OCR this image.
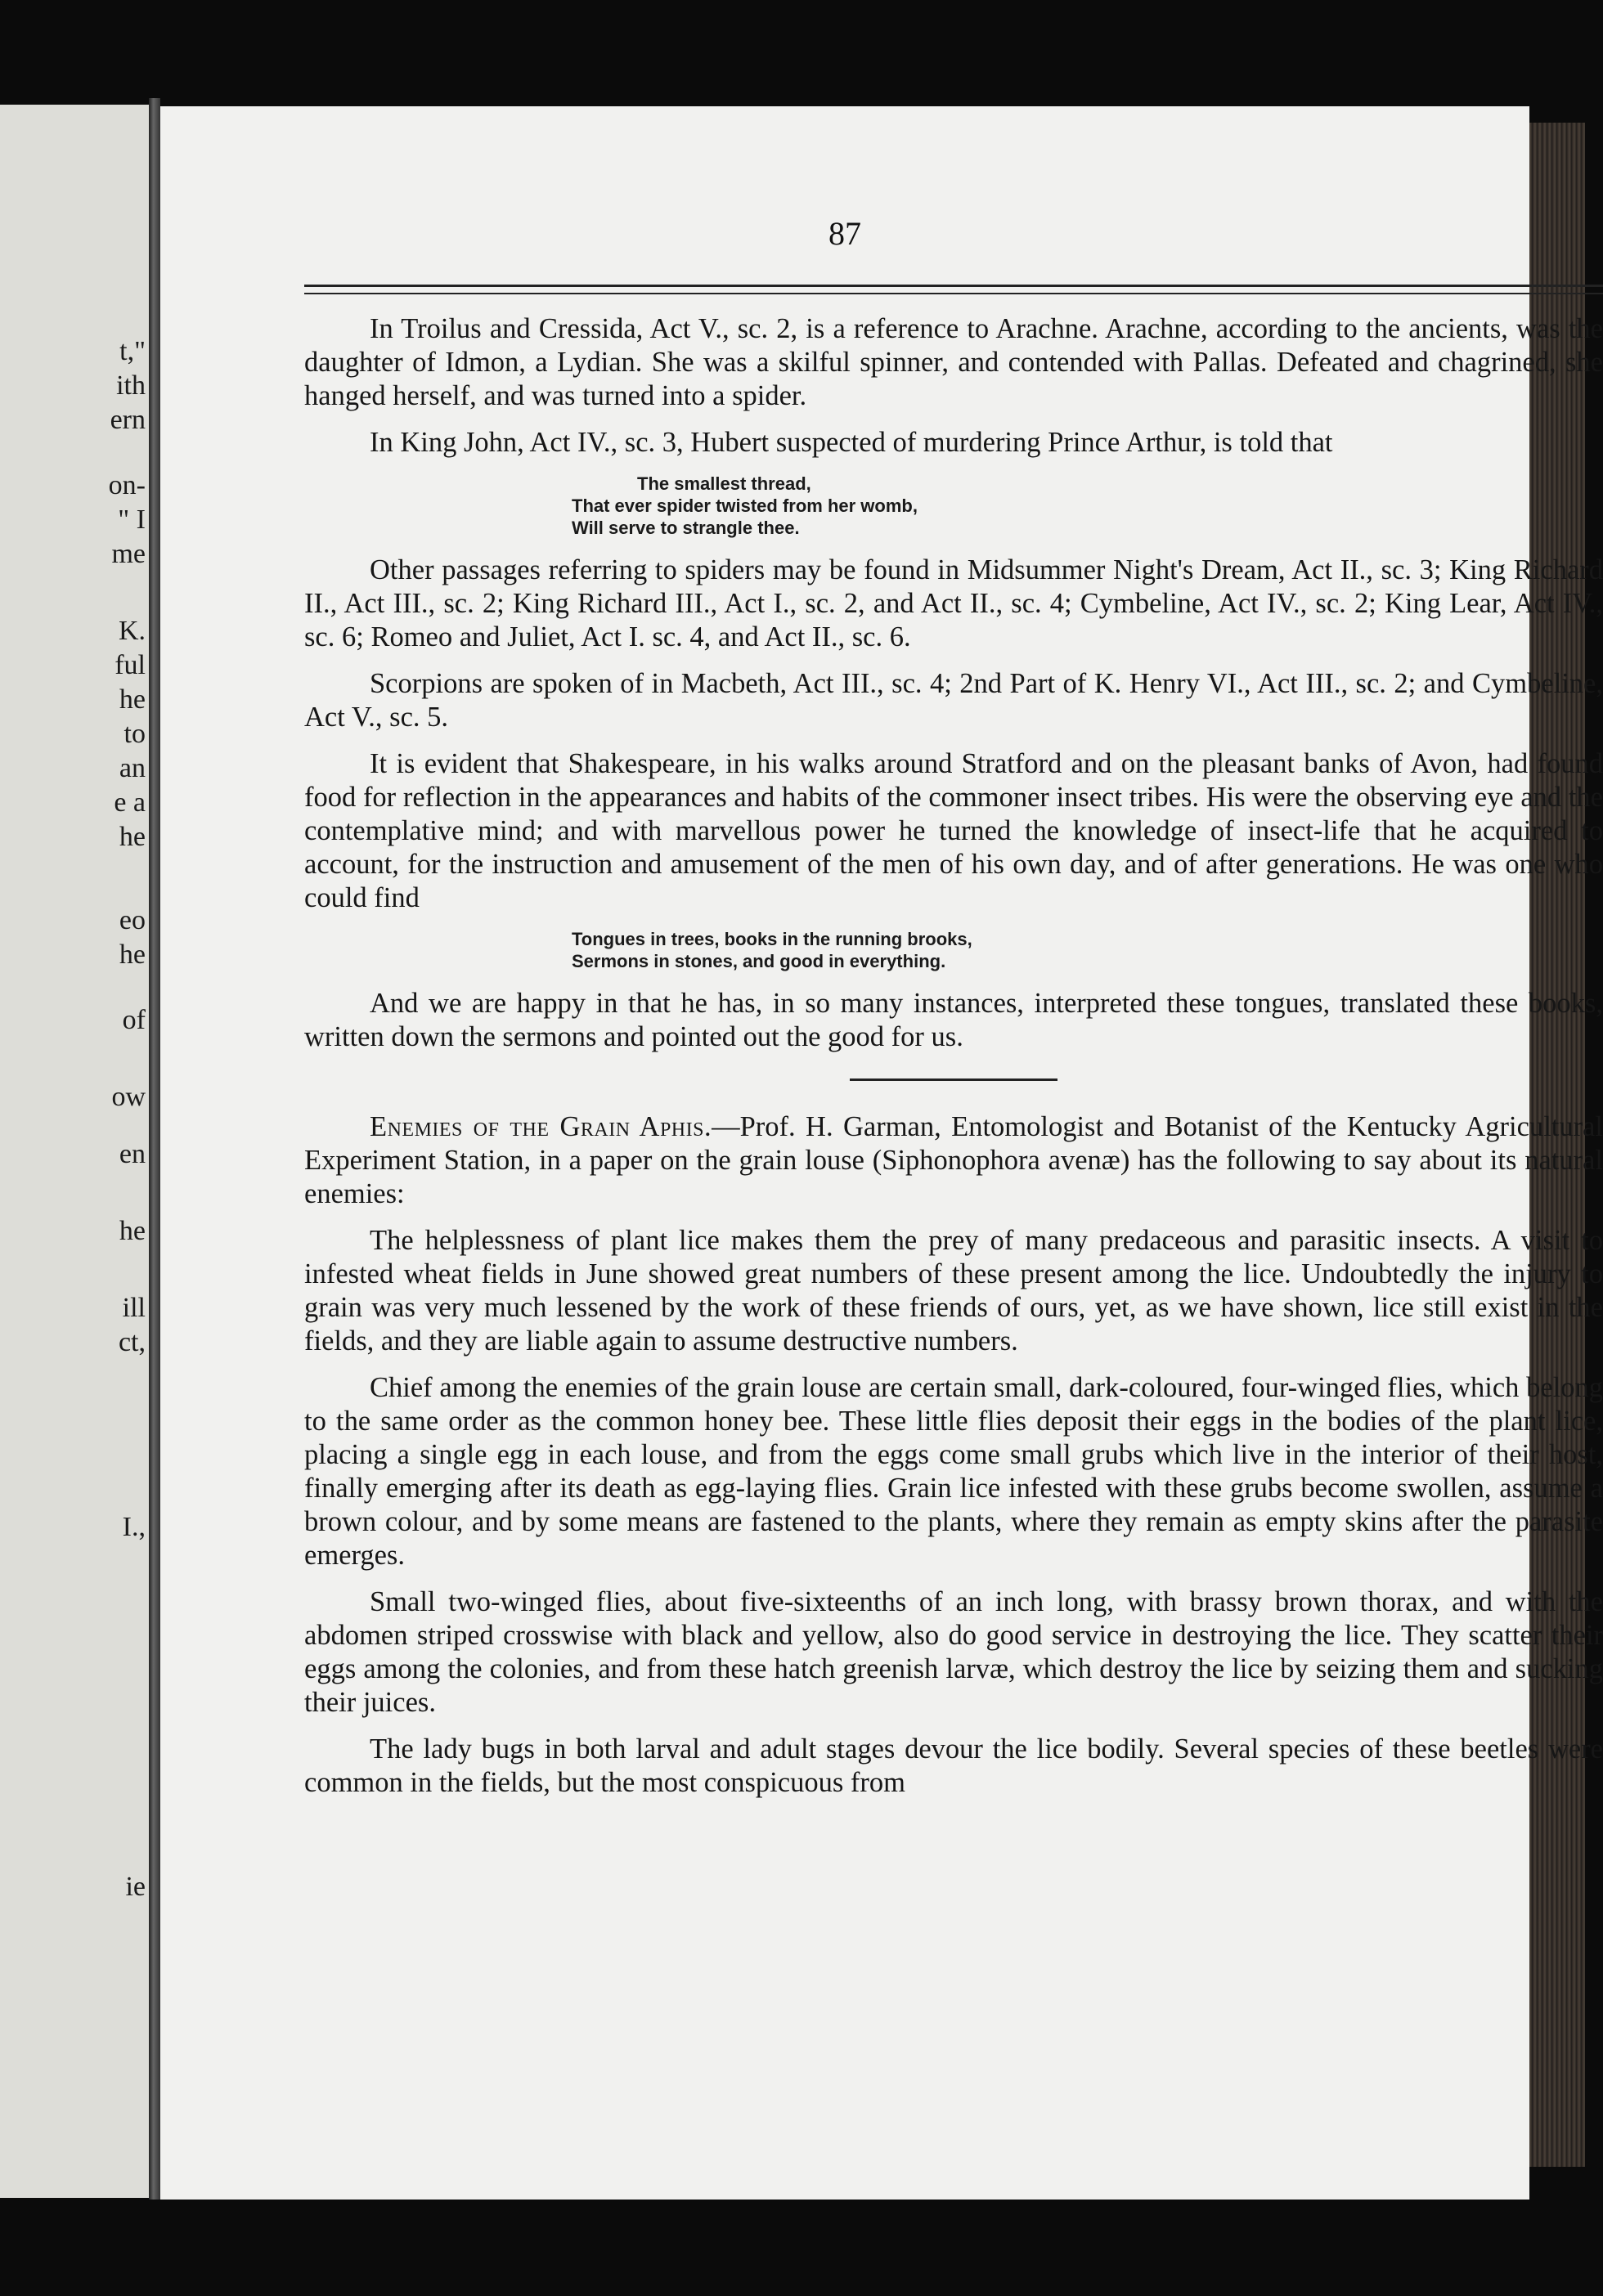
t,"
ith
ern
on-
" I
me
K.
ful
he
to
an
e a
he
eo
he
of
ow
en
he
ill
ct,
I.,
ie
87

In Troilus and Cressida, Act V., sc. 2, is a reference to Arachne. Arachne, according to the ancients, was the daughter of Idmon, a Lydian. She was a skilful spinner, and contended with Pallas. Defeated and chagrined, she hanged herself, and was turned into a spider.

In King John, Act IV., sc. 3, Hubert suspected of murdering Prince Arthur, is told that

The smallest thread,
That ever spider twisted from her womb,
Will serve to strangle thee.

Other passages referring to spiders may be found in Midsummer Night's Dream, Act II., sc. 3; King Richard II., Act III., sc. 2; King Richard III., Act I., sc. 2, and Act II., sc. 4; Cymbeline, Act IV., sc. 2; King Lear, Act IV., sc. 6; Romeo and Juliet, Act I. sc. 4, and Act II., sc. 6.

Scorpions are spoken of in Macbeth, Act III., sc. 4; 2nd Part of K. Henry VI., Act III., sc. 2; and Cymbeline, Act V., sc. 5.

It is evident that Shakespeare, in his walks around Stratford and on the pleasant banks of Avon, had found food for reflection in the appearances and habits of the commoner insect tribes. His were the observing eye and the contemplative mind; and with marvellous power he turned the knowledge of insect-life that he acquired to account, for the instruction and amusement of the men of his own day, and of after generations. He was one who could find

Tongues in trees, books in the running brooks,
Sermons in stones, and good in everything.

And we are happy in that he has, in so many instances, interpreted these tongues, translated these books, written down the sermons and pointed out the good for us.

Enemies of the Grain Aphis.—Prof. H. Garman, Entomologist and Botanist of the Kentucky Agricultural Experiment Station, in a paper on the grain louse (Siphonophora avenæ) has the following to say about its natural enemies:

The helplessness of plant lice makes them the prey of many predaceous and parasitic insects. A visit to infested wheat fields in June showed great numbers of these present among the lice. Undoubtedly the injury to grain was very much lessened by the work of these friends of ours, yet, as we have shown, lice still exist in the fields, and they are liable again to assume destructive numbers.

Chief among the enemies of the grain louse are certain small, dark-coloured, four-winged flies, which belong to the same order as the common honey bee. These little flies deposit their eggs in the bodies of the plant lice, placing a single egg in each louse, and from the eggs come small grubs which live in the interior of their host, finally emerging after its death as egg-laying flies. Grain lice infested with these grubs become swollen, assume a brown colour, and by some means are fastened to the plants, where they remain as empty skins after the parasite emerges.

Small two-winged flies, about five-sixteenths of an inch long, with brassy brown thorax, and with the abdomen striped crosswise with black and yellow, also do good service in destroying the lice. They scatter their eggs among the colonies, and from these hatch greenish larvæ, which destroy the lice by seizing them and sucking their juices.

The lady bugs in both larval and adult stages devour the lice bodily. Several species of these beetles were common in the fields, but the most conspicuous from
